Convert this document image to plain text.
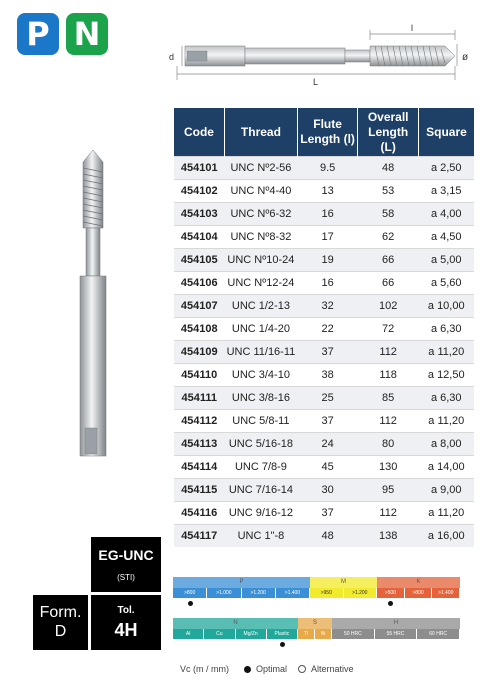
P N
d
l
L
ø
Code	Thread	Flute Length (l)	Overall Length (L)	Square
454101	UNC Nº2-56	9.5	48	a 2,50
454102	UNC Nº4-40	13	53	a 3,15
454103	UNC Nº6-32	16	58	a 4,00
454104	UNC Nº8-32	17	62	a 4,50
454105	UNC Nº10-24	19	66	a 5,00
454106	UNC Nº12-24	16	66	a 5,60
454107	UNC 1/2-13	32	102	a 10,00
454108	UNC 1/4-20	22	72	a 6,30
454109	UNC 11/16-11	37	112	a 11,20
454110	UNC 3/4-10	38	118	a 12,50
454111	UNC 3/8-16	25	85	a 6,30
454112	UNC 5/8-11	37	112	a 11,20
454113	UNC 5/16-18	24	80	a 8,00
454114	UNC 7/8-9	45	130	a 14,00
454115	UNC 7/16-14	30	95	a 9,00
454116	UNC 9/16-12	37	112	a 11,20
454117	UNC 1"-8	48	138	a 16,00
EG-UNC
(STI)
Form.
D
Tol.
4H
P
>800	>1.000	>1.200	>1.400
M
>950	>1.200
K
>500	>800	>1.400
N
Al	Cu	Mg/Zn	Plastic
S
Ti	Ni
H
50 HRC	55 HRC	60 HRC
Vc (m / mm)	Optimal	Alternative
